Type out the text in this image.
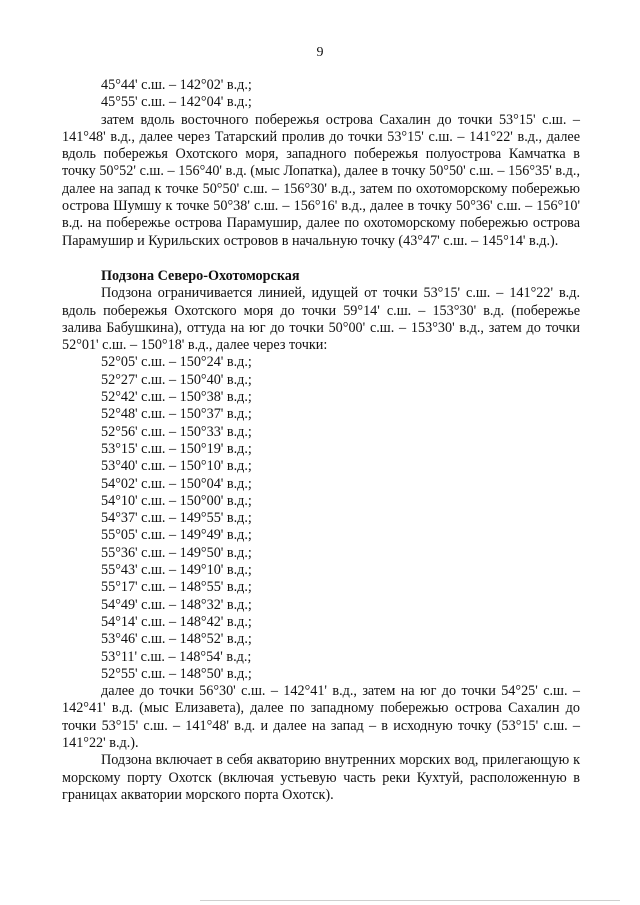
9
45°44' с.ш. – 142°02' в.д.;
45°55' с.ш. – 142°04' в.д.;

затем вдоль восточного побережья острова Сахалин до точки 53°15' с.ш. – 141°48' в.д., далее через Татарский пролив до точки 53°15' с.ш. – 141°22' в.д., далее вдоль побережья Охотского моря, западного побережья полуострова Камчатка в точку 50°52' с.ш. – 156°40' в.д. (мыс Лопатка), далее в точку 50°50' с.ш. – 156°35' в.д., далее на запад к точке 50°50' с.ш. – 156°30' в.д., затем по охотоморскому побережью острова Шумшу к точке 50°38' с.ш. – 156°16' в.д., далее в точку 50°36' с.ш. – 156°10' в.д. на побережье острова Парамушир, далее по охотоморскому побережью острова Парамушир и Курильских островов в начальную точку (43°47' с.ш. – 145°14' в.д.).

Подзона Северо-Охотоморская

Подзона ограничивается линией, идущей от точки 53°15' с.ш. – 141°22' в.д. вдоль побережья Охотского моря до точки 59°14' с.ш. – 153°30' в.д. (побережье залива Бабушкина), оттуда на юг до точки 50°00' с.ш. – 153°30' в.д., затем до точки 52°01' с.ш. – 150°18' в.д., далее через точки:

52°05' с.ш. – 150°24' в.д.;
52°27' с.ш. – 150°40' в.д.;
52°42' с.ш. – 150°38' в.д.;
52°48' с.ш. – 150°37' в.д.;
52°56' с.ш. – 150°33' в.д.;
53°15' с.ш. – 150°19' в.д.;
53°40' с.ш. – 150°10' в.д.;
54°02' с.ш. – 150°04' в.д.;
54°10' с.ш. – 150°00' в.д.;
54°37' с.ш. – 149°55' в.д.;
55°05' с.ш. – 149°49' в.д.;
55°36' с.ш. – 149°50' в.д.;
55°43' с.ш. – 149°10' в.д.;
55°17' с.ш. – 148°55' в.д.;
54°49' с.ш. – 148°32' в.д.;
54°14' с.ш. – 148°42' в.д.;
53°46' с.ш. – 148°52' в.д.;
53°11' с.ш. – 148°54' в.д.;
52°55' с.ш. – 148°50' в.д.;

далее до точки 56°30' с.ш. – 142°41' в.д., затем на юг до точки 54°25' с.ш. – 142°41' в.д. (мыс Елизавета), далее по западному побережью острова Сахалин до точки 53°15' с.ш. – 141°48' в.д. и далее на запад – в исходную точку (53°15' с.ш. – 141°22' в.д.).

Подзона включает в себя акваторию внутренних морских вод, прилегающую к морскому порту Охотск (включая устьевую часть реки Кухтуй, расположенную в границах акватории морского порта Охотск).
